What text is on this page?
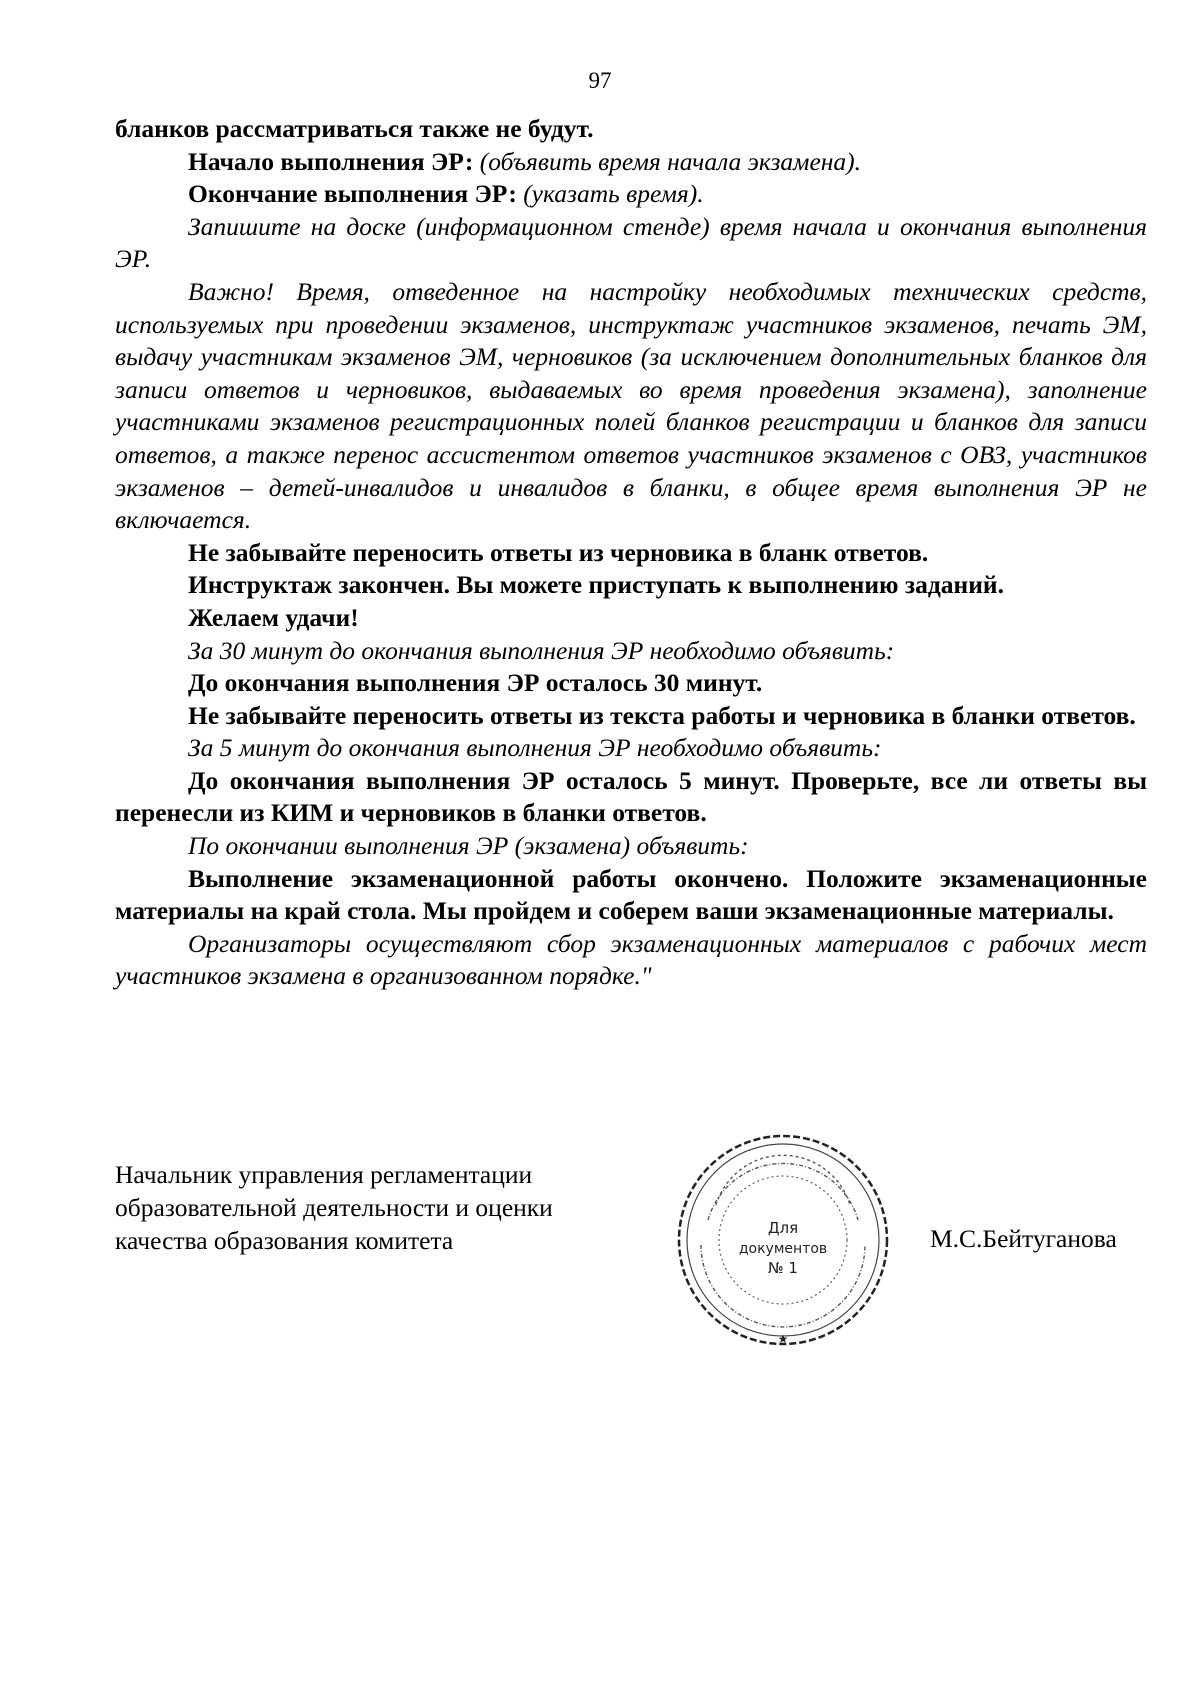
97

бланков рассматриваться также не будут.

Начало выполнения ЭР: (объявить время начала экзамена).

Окончание выполнения ЭР: (указать время).

Запишите на доске (информационном стенде) время начала и окончания выполнения ЭР.

Важно! Время, отведенное на настройку необходимых технических средств, используемых при проведении экзаменов, инструктаж участников экзаменов, печать ЭМ, выдачу участникам экзаменов ЭМ, черновиков (за исключением дополнительных бланков для записи ответов и черновиков, выдаваемых во время проведения экзамена), заполнение участниками экзаменов регистрационных полей бланков регистрации и бланков для записи ответов, а также перенос ассистентом ответов участников экзаменов с ОВЗ, участников экзаменов – детей-инвалидов и инвалидов в бланки, в общее время выполнения ЭР не включается.

Не забывайте переносить ответы из черновика в бланк ответов.

Инструктаж закончен. Вы можете приступать к выполнению заданий.

Желаем удачи!

За 30 минут до окончания выполнения ЭР необходимо объявить:

До окончания выполнения ЭР осталось 30 минут.

Не забывайте переносить ответы из текста работы и черновика в бланки ответов.

За 5 минут до окончания выполнения ЭР необходимо объявить:

До окончания выполнения ЭР осталось 5 минут. Проверьте, все ли ответы вы перенесли из КИМ и черновиков в бланки ответов.

По окончании выполнения ЭР (экзамена) объявить:

Выполнение экзаменационной работы окончено. Положите экзаменационные материалы на край стола. Мы пройдем и соберем ваши экзаменационные материалы.

Организаторы осуществляют сбор экзаменационных материалов с рабочих мест участников экзамена в организованном порядке."

Начальник управления регламентации
образовательной деятельности и оценки
качества образования комитета	Для
документов
№ 1
★
М.С.Бейтуганова
